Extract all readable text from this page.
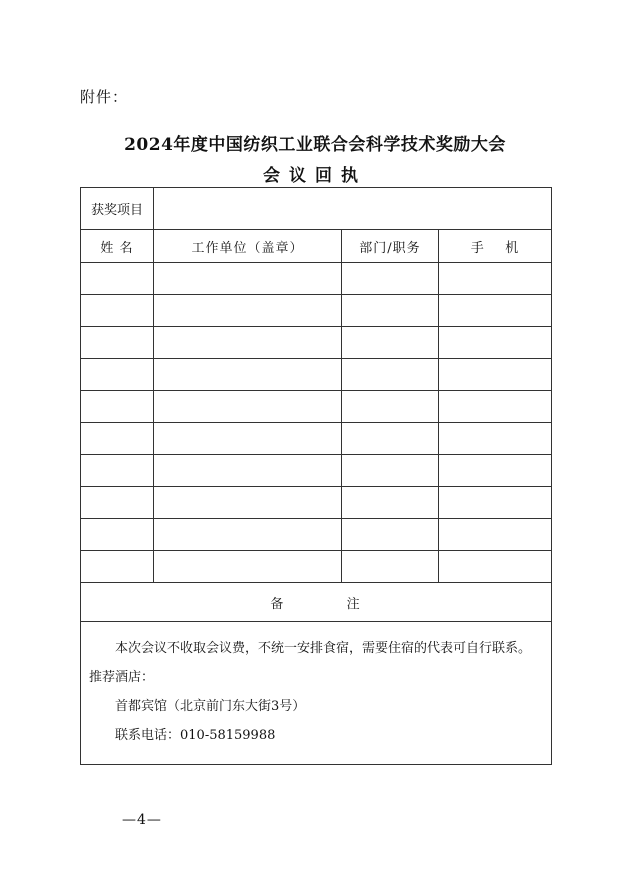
附件：
2024年度中国纺织工业联合会科学技术奖励大会
会议回执
获奖项目			
姓 名	工作单位（盖章）	部门/职务	手    机

备          注			

本次会议不收取会议费，不统一安排食宿，需要住宿的代表可自行联系。推荐酒店：
首都宾馆（北京前门东大街3号）
联系电话：010-58159988			
—4—
